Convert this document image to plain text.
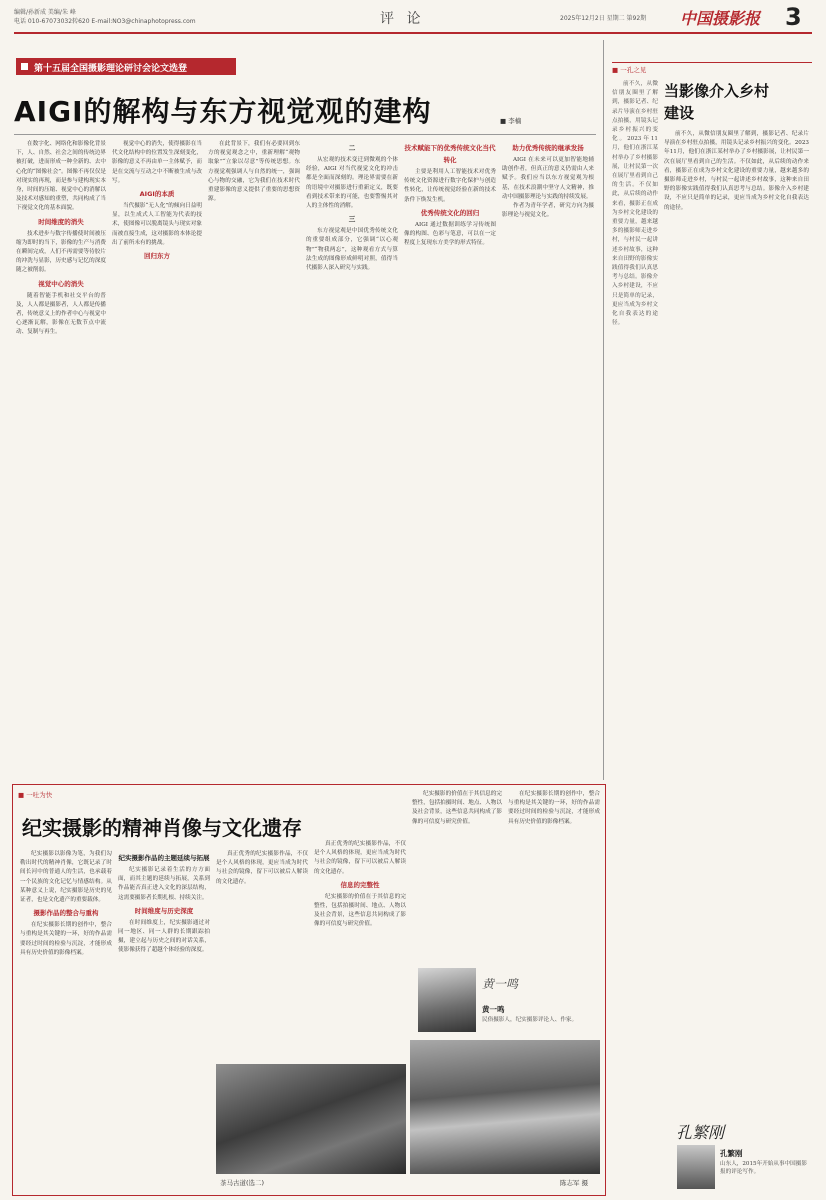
编辑/孙新成 美编/朱 峰
电话 010-67073032转620 E-mail:NO3@chinaphotopress.com	评 论	2025年12月2日 星期二 第92期 中国摄影报 3
第十五届全国摄影理论研讨会论文选登
AIGI的解构与东方视觉观的建构	■ 李楠

在数字化、网络化和影像化背景下，人、自然、社会之间的传统边界被打破，进而形成一种全新的、去中心化的“图像社会”。图像不再仅仅是对现实的再现，而是参与建构现实本身，时间的压缩、视觉中心的消解以及技术对感知的重塑，共同构成了当下视觉文化的基本面貌。

时间维度的消失

技术进步与数字传播使时间被压缩为即时的当下，影像的生产与消费在瞬间完成，人们不再需要等待胶片的冲洗与显影，历史感与记忆的深度随之被削弱。

视觉中心的消失

随着智能手机和社交平台的普及，人人都是摄影者，人人都是传播者，传统意义上的作者中心与视觉中心逐渐瓦解，影像在无数节点中流动、复制与再生。

视觉中心的消失，使得摄影在当代文化结构中的位置发生深刻变化，影像的意义不再由单一主体赋予，而是在交流与互动之中不断被生成与改写。

AIGI的本质

当代摄影“无人化”的倾向日益明显，以生成式人工智能为代表的技术，使图像可以脱离镜头与现实对象而被直接生成，这对摄影的本体论提出了前所未有的挑战。

回归东方

在此背景下，我们有必要回到东方的视觉观念之中，重新理解“观物取象”“立象以尽意”等传统思想。东方视觉观强调人与自然的统一，强调心与物的交融，它为我们在技术时代重建影像的意义提供了重要的思想资源。

二

从宏观的技术变迁到微观的个体经验，AIGI 对当代视觉文化的冲击都是全面而深刻的。理论界需要在新的语境中对摄影进行重新定义，既要看到技术带来的可能，也要警惕其对人的主体性的消解。

三

东方视觉观是中国优秀传统文化的重要组成部分，它强调“以心观物”“物我两忘”，这种观看方式与算法生成的图像形成鲜明对照，值得当代摄影人深入研究与实践。

技术赋能下的优秀传统文化当代转化

主要是利用人工智能技术对优秀传统文化资源进行数字化保护与创造性转化，让传统视觉经验在新的技术条件下焕发生机。

优秀传统文化的回归

AIGI 通过数据训练学习传统图像的构图、色彩与笔意，可以在一定程度上复现东方美学的形式特征。

助力优秀传统的继承发扬

AIGI 在未来可以更加智能地辅助创作者，但真正的意义仍需由人来赋予。我们应当以东方视觉观为根基，在技术浪潮中坚守人文精神，推动中国摄影理论与实践的持续发展。

作者为青年学者，研究方向为摄影理论与视觉文化。

■ 一孔之见
当影像介入乡村建设

前不久，从微信朋友圈里了解到，摄影记者、纪录片导演在乡村驻点拍摄，用镜头记录乡村振兴的变化。2023年11月，他们在浙江某村举办了乡村摄影展，让村民第一次在展厅里看到自己的生活。不仅如此，从后续的动作来看，摄影正在成为乡村文化建设的重要力量，越来越多的摄影师走进乡村，与村民一起讲述乡村故事，这种来自田野的影像实践值得我们认真思考与总结。影像介入乡村建设，不应只是简单的记录，更应当成为乡村文化自我表达的途径。

前不久，从微信朋友圈里了解到，摄影记者、纪录片导演在乡村驻点拍摄，用镜头记录乡村振兴的变化。2023年11月，他们在浙江某村举办了乡村摄影展，让村民第一次在展厅里看到自己的生活。不仅如此，从后续的动作来看，摄影正在成为乡村文化建设的重要力量，越来越多的摄影师走进乡村，与村民一起讲述乡村故事，这种来自田野的影像实践值得我们认真思考与总结。影像介入乡村建设，不应只是简单的记录，更应当成为乡村文化自我表达的途径。

孔繁刚
孔繁刚
山东人，2015年开始从事中国摄影报的评论写作。
■ 一吐为快
纪实摄影的精神肖像与文化遗存

纪实摄影以影像为笔，为我们勾勒出时代的精神肖像，它既记录了时间长河中的普通人的生活，也承载着一个民族的文化记忆与情感结构。从某种意义上说，纪实摄影是历史的见证者，也是文化遗产的重要载体。

摄影作品的整合与重构

在纪实摄影长期的创作中，整合与重构是其关键的一环，好的作品需要经过时间的检验与沉淀，才能形成具有历史价值的影像档案。

纪实摄影作品的主题延续与拓展

纪实摄影记录着生活的方方面面，而其主题的延续与拓展，关系到作品能否真正进入文化的深层结构，这需要摄影者长期扎根、持续关注。

时间维度与历史深度

在时间维度上，纪实摄影通过对同一地区、同一人群的长期跟踪拍摄，建立起与历史之间的对话关系，使影像获得了超越个体经验的深度。

真正优秀的纪实摄影作品，不仅是个人风格的体现，更应当成为时代与社会的镜像，留下可以被后人解读的文化遗存。

真正优秀的纪实摄影作品，不仅是个人风格的体现，更应当成为时代与社会的镜像，留下可以被后人解读的文化遗存。

信息的完整性

纪实摄影的价值在于其信息的完整性，包括拍摄时间、地点、人物以及社会背景，这些信息共同构成了影像的可信度与研究价值。

纪实摄影的价值在于其信息的完整性，包括拍摄时间、地点、人物以及社会背景，这些信息共同构成了影像的可信度与研究价值。

在纪实摄影长期的创作中，整合与重构是其关键的一环，好的作品需要经过时间的检验与沉淀，才能形成具有历史价值的影像档案。

黄一鸣
黄一鸣
民俗摄影人，纪实摄影评论人、作家。
茶马古道(选二)	陈志军 摄
